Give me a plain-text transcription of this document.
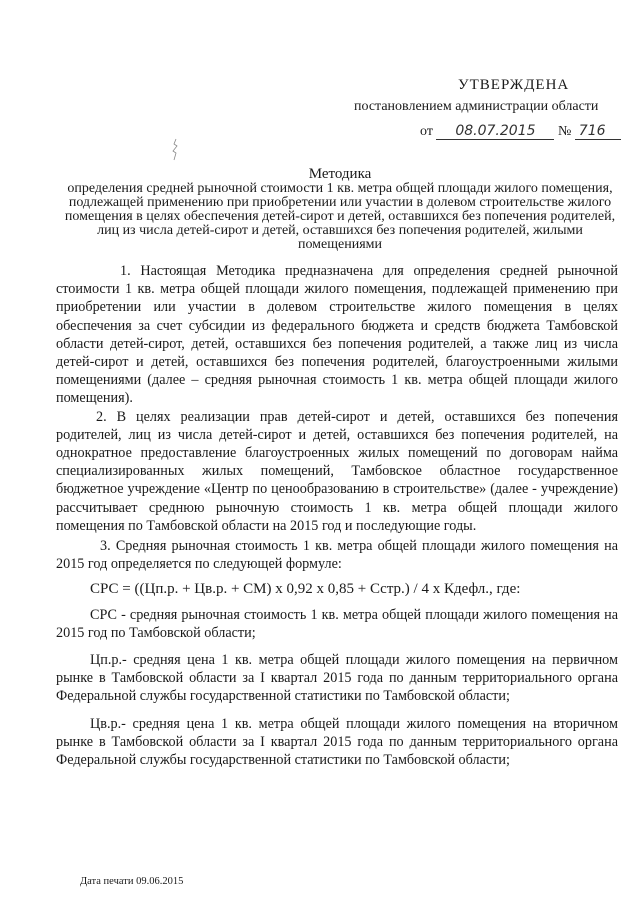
УТВЕРЖДЕНА
постановлением администрации области
от 08.07.2015 № 716
Методика
определения средней рыночной стоимости 1 кв. метра общей площади жилого помещения, подлежащей применению при приобретении или участии в долевом строительстве жилого помещения в целях обеспечения детей-сирот и детей, оставшихся без попечения родителей, лиц из числа детей-сирот и детей, оставшихся без попечения родителей, жилыми помещениями

1. Настоящая Методика предназначена для определения средней рыночной стоимости 1 кв. метра общей площади жилого помещения, подлежащей применению при приобретении или участии в долевом строительстве жилого помещения в целях обеспечения за счет субсидии из федерального бюджета и средств бюджета Тамбовской области детей-сирот, детей, оставшихся без попечения родителей, а также лиц из числа детей-сирот и детей, оставшихся без попечения родителей, благоустроенными жилыми помещениями (далее – средняя рыночная стоимость 1 кв. метра общей площади жилого помещения).

2. В целях реализации прав детей-сирот и детей, оставшихся без попечения родителей, лиц из числа детей-сирот и детей, оставшихся без попечения родителей, на однократное предоставление благоустроенных жилых помещений по договорам найма специализированных жилых помещений, Тамбовское областное государственное бюджетное учреждение «Центр по ценообразованию в строительстве» (далее - учреждение) рассчитывает среднюю рыночную стоимость 1 кв. метра общей площади жилого помещения по Тамбовской области на 2015 год и последующие годы.

3. Средняя рыночная стоимость 1 кв. метра общей площади жилого помещения на 2015 год определяется по следующей формуле:

СРС = ((Цп.р. + Цв.р. + СМ) х 0,92 х 0,85 + Сстр.) / 4 х Кдефл., где:

СРС - средняя рыночная стоимость 1 кв. метра общей площади жилого помещения на 2015 год по Тамбовской области;

Цп.р.- средняя цена 1 кв. метра общей площади жилого помещения на первичном рынке в Тамбовской области за I квартал 2015 года по данным территориального органа Федеральной службы государственной статистики по Тамбовской области;

Цв.р.- средняя цена 1 кв. метра общей площади жилого помещения на вторичном рынке в Тамбовской области за I квартал 2015 года по данным территориального органа Федеральной службы государственной статистики по Тамбовской области;

Дата печати 09.06.2015
